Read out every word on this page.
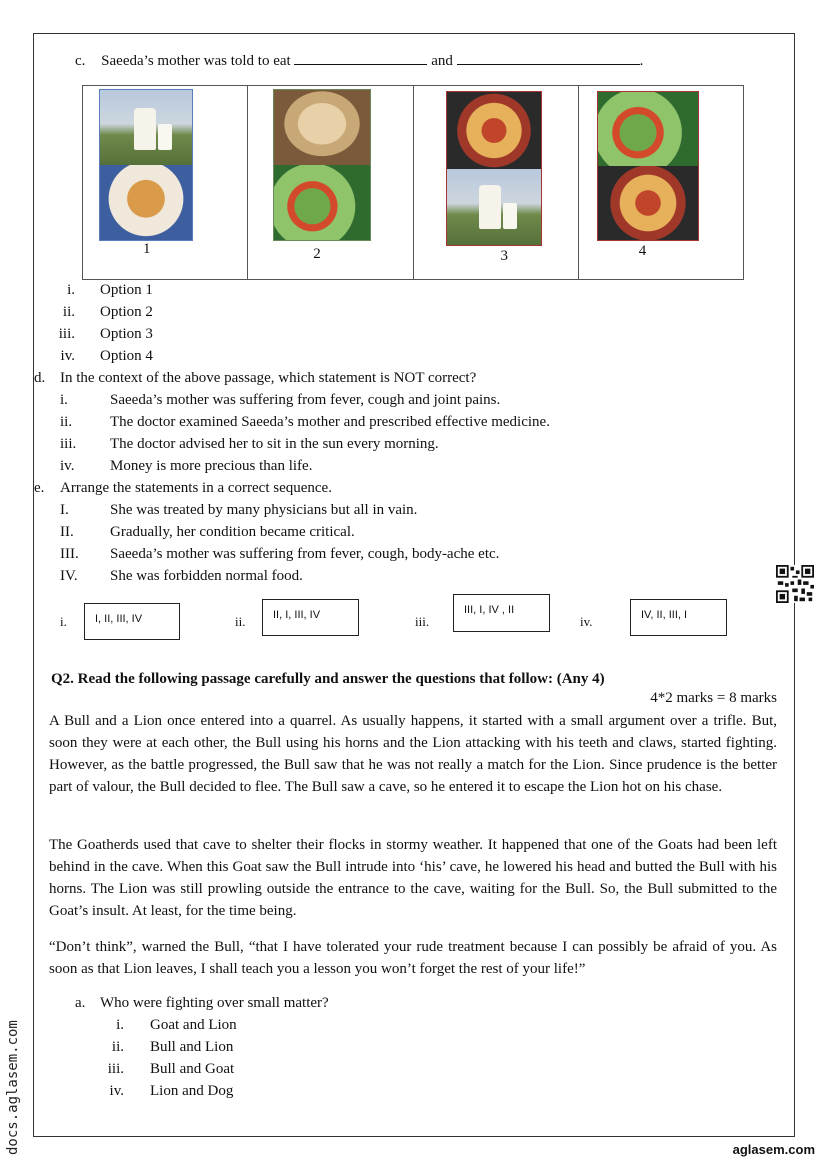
c. Saeeda’s mother was told to eat	and	.
1	2	3	4
i. Option 1
ii. Option 2
iii. Option 3
iv. Option 4
d. In the context of the above passage, which statement is NOT correct?
i.	Saeeda’s mother was suffering from fever, cough and joint pains.
ii.	The doctor examined Saeeda’s mother and prescribed effective medicine.
iii. The doctor advised her to sit in the sun every morning.
iv. Money is more precious than life.
e. Arrange the statements in a correct sequence.
I.	She was treated by many physicians but all in vain.
II. Gradually, her condition became critical.
III. Saeeda’s mother was suffering from fever, cough, body-ache etc.
IV. She was forbidden normal food.
i.	I, II, III, IV	ii.	II, I, III, IV	iii.
III, I, IV , II
iv.	IV, II, III, I
Q2. Read the following passage carefully and answer the questions that follow: (Any 4)
4*2 marks = 8 marks
A Bull and a Lion once entered into a quarrel. As usually happens, it started with a small argument over a trifle. But, soon they were at each other, the Bull using his horns and the Lion attacking with his teeth and claws, started fighting. However, as the battle progressed, the Bull saw that he was not really a match for the Lion. Since prudence is the better part of valour, the Bull decided to flee. The Bull saw a cave, so he entered it to escape the Lion hot on his chase.
The Goatherds used that cave to shelter their flocks in stormy weather. It happened that one of the Goats had been left behind in the cave. When this Goat saw the Bull intrude into ‘his’ cave, he lowered his head and butted the Bull with his horns. The Lion was still prowling outside the entrance to the cave, waiting for the Bull. So, the Bull submitted to the Goat’s insult. At least, for the time being.
“Don’t think”, warned the Bull, “that I have tolerated your rude treatment because I can possibly be afraid of you. As soon as that Lion leaves, I shall teach you a lesson you won’t forget the rest of your life!”
a. Who were fighting over small matter?
i. Goat and Lion
ii. Bull and Lion
iii. Bull and Goat
iv. Lion and Dog
docs.aglasem.com	aglasem.com
